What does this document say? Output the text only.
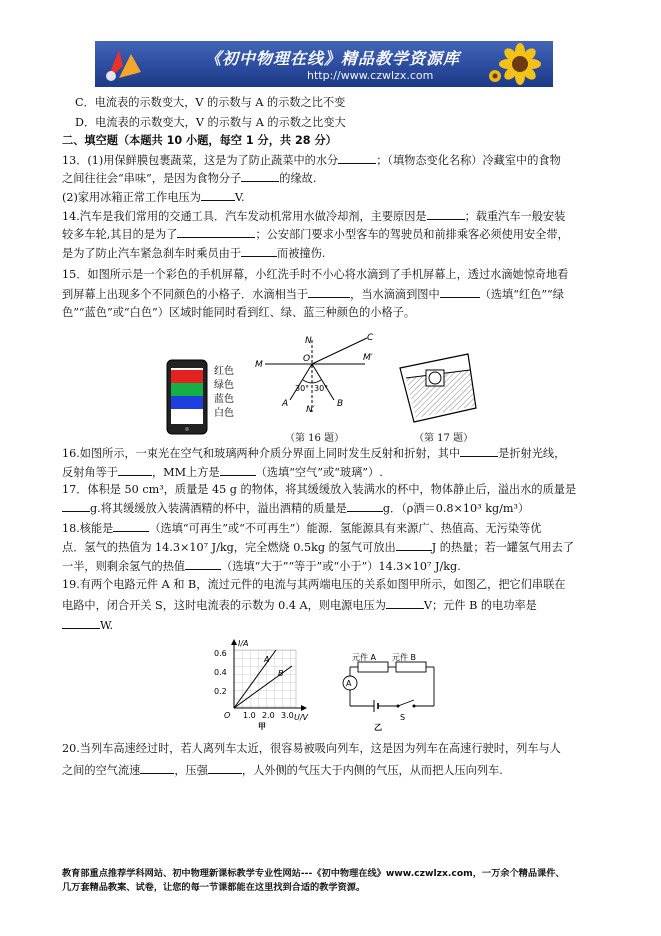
《初中物理在线》精品教学资源库
http://www.czwlzx.com
C．电流表的示数变大，V 的示数与 A 的示数之比不变
D．电流表的示数变大，V 的示数与 A 的示数之比变大
二、填空题（本题共 10 小题，每空 1 分，共 28 分）
13．(1)用保鲜膜包裹蔬菜，这是为了防止蔬菜中的水分	；（填物态变化名称）冷藏室中的食物
之间往往会“串味”，是因为食物分子	的缘故.
(2)家用冰箱正常工作电压为	V.
14.汽车是我们常用的交通工具．汽车发动机常用水做冷却剂，主要原因是	；载重汽车一般安装
较多车轮,其目的是为了	；公安部门要求小型客车的驾驶员和前排乘客必须使用安全带，
是为了防止汽车紧急刹车时乘员由于	而被撞伤.
15．如图所示是一个彩色的手机屏幕，小红洗手时不小心将水滴到了手机屏幕上，透过水滴她惊奇地看
到屏幕上出现多个不同颜色的小格子．水滴相当于	，当水滴滴到图中	（选填“红色”“绿
色”“蓝色”或“白色”）区域时能同时看到红、绿、蓝三种颜色的小格子。
红色
绿色
蓝色
白色
N
O
C
M
M′
A	B
N′
30° 30°
（第 16 题）	（第 17 题）
16.如图所示，一束光在空气和玻璃两种介质分界面上同时发生反射和折射，其中	是折射光线，
反射角等于	，MM上方是	（选填“空气”或“玻璃”）.
17．体积是 50 cm³，质量是 45 g 的物体，将其缓缓放入装满水的杯中，物体静止后，溢出水的质量是
g.将其缓缓放入装满酒精的杯中，溢出酒精的质量是	g．（ρ酒＝0.8×10³ kg/m³）
18.核能是	（选填“可再生”或“不可再生”）能源．氢能源具有来源广、热值高、无污染等优
点．氢气的热值为 14.3×10⁷ J/kg，完全燃烧 0.5kg 的氢气可放出	J 的热量；若一罐氢气用去了
一半，则剩余氢气的热值	（选填“大于”“等于”或“小于”）14.3×10⁷ J/kg.
19.有两个电路元件 A 和 B，流过元件的电流与其两端电压的关系如图甲所示，如图乙，把它们串联在
电路中，闭合开关 S，这时电流表的示数为 0.4 A，则电源电压为	V；元件 B 的电功率是
W.
I/A
U/V
O
0.6
0.4
0.2
1.0 2.0 3.0
A
B
甲
元件 A 元件 B
A
S
乙
20.当列车高速经过时，若人离列车太近，很容易被吸向列车，这是因为列车在高速行驶时，列车与人
之间的空气流速	，压强	，人外侧的气压大于内侧的气压，从而把人压向列车.
教育部重点推荐学科网站、初中物理新课标教学专业性网站---《初中物理在线》www.czwlzx.com，一万余个精品课件、
几万套精品教案、试卷，让您的每一节课都能在这里找到合适的教学资源。
